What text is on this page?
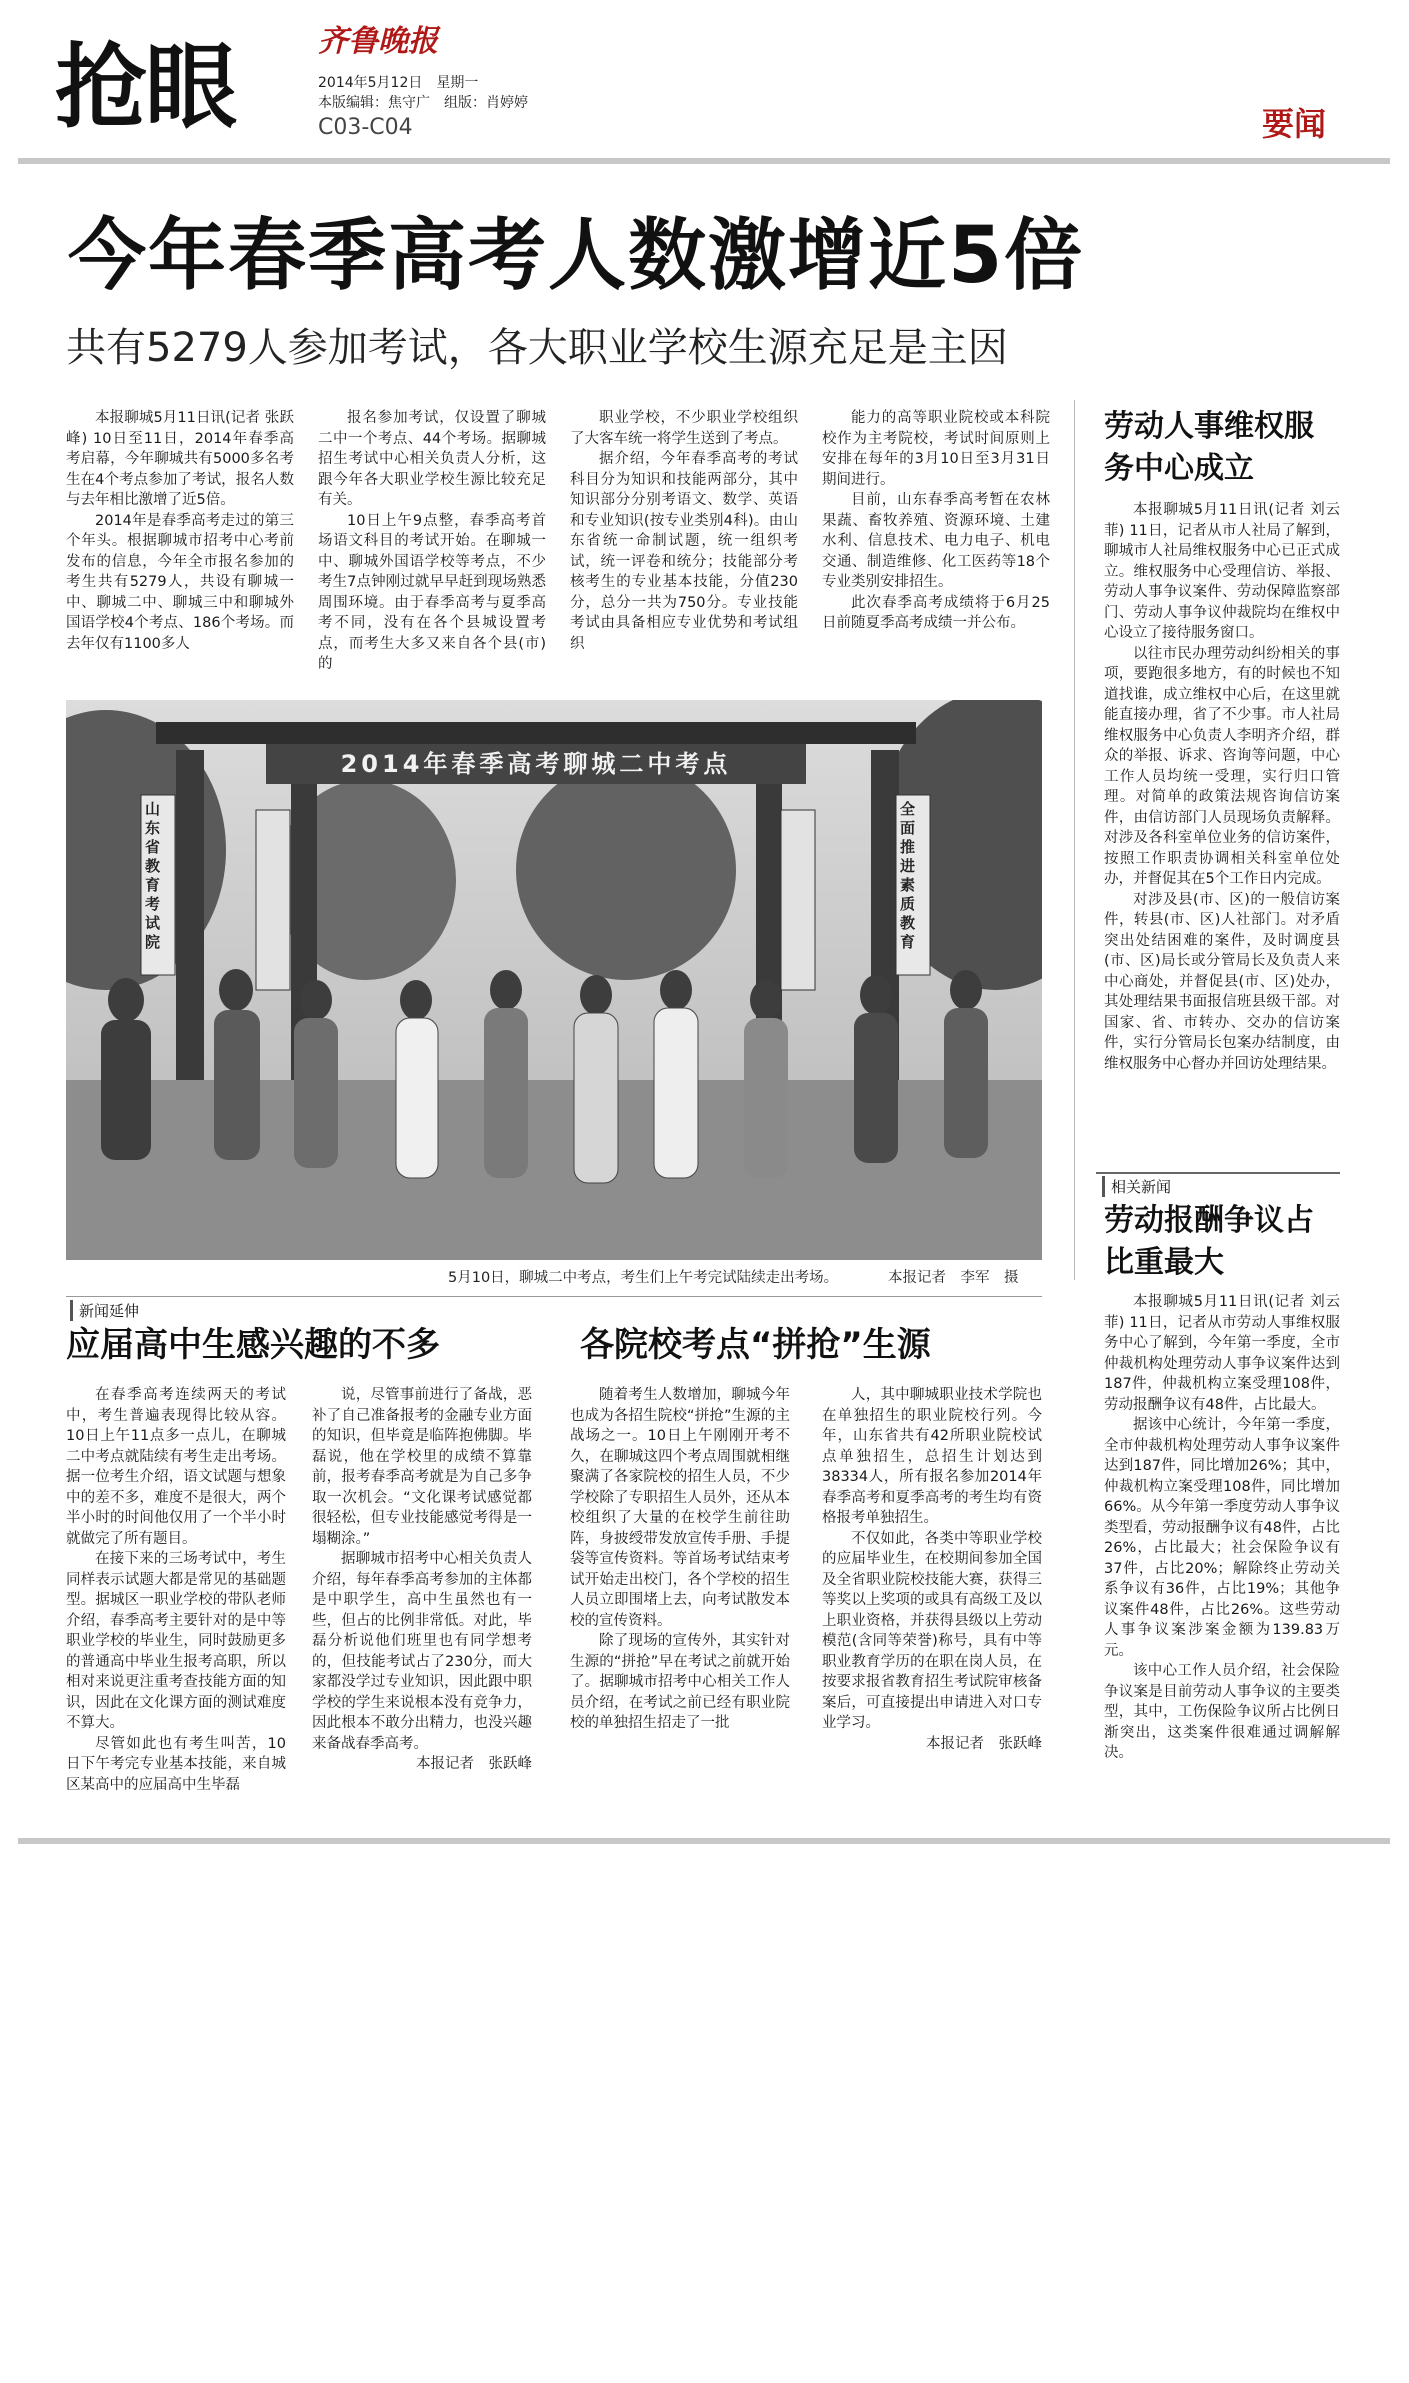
抢眼	齐鲁晚报
2014年5月12日　星期一
本版编辑：焦守广　组版：肖婷婷
C03-C04	要闻
今年春季高考人数激增近5倍
共有5279人参加考试，各大职业学校生源充足是主因

本报聊城5月11日讯(记者 张跃峰) 10日至11日，2014年春季高考启幕，今年聊城共有5000多名考生在4个考点参加了考试，报名人数与去年相比激增了近5倍。

2014年是春季高考走过的第三个年头。根据聊城市招考中心考前发布的信息，今年全市报名参加的考生共有5279人，共设有聊城一中、聊城二中、聊城三中和聊城外国语学校4个考点、186个考场。而去年仅有1100多人

报名参加考试，仅设置了聊城二中一个考点、44个考场。据聊城招生考试中心相关负责人分析，这跟今年各大职业学校生源比较充足有关。

10日上午9点整，春季高考首场语文科目的考试开始。在聊城一中、聊城外国语学校等考点，不少考生7点钟刚过就早早赶到现场熟悉周围环境。由于春季高考与夏季高考不同，没有在各个县城设置考点，而考生大多又来自各个县(市)的

职业学校，不少职业学校组织了大客车统一将学生送到了考点。

据介绍，今年春季高考的考试科目分为知识和技能两部分，其中知识部分分别考语文、数学、英语和专业知识(按专业类别4科)。由山东省统一命制试题，统一组织考试，统一评卷和统分；技能部分考核考生的专业基本技能，分值230分，总分一共为750分。专业技能考试由具备相应专业优势和考试组织

能力的高等职业院校或本科院校作为主考院校，考试时间原则上安排在每年的3月10日至3月31日期间进行。

目前，山东春季高考暂在农林果蔬、畜牧养殖、资源环境、土建水利、信息技术、电力电子、机电交通、制造维修、化工医药等18个专业类别安排招生。

此次春季高考成绩将于6月25日前随夏季高考成绩一并公布。

2014年春季高考聊城二中考点
山东省教育考试院
全面推进素质教育
5月10日，聊城二中考点，考生们上午考完试陆续走出考场。	本报记者　李军　摄
劳动人事维权服务中心成立

本报聊城5月11日讯(记者 刘云菲) 11日，记者从市人社局了解到，聊城市人社局维权服务中心已正式成立。维权服务中心受理信访、举报、劳动人事争议案件、劳动保障监察部门、劳动人事争议仲裁院均在维权中心设立了接待服务窗口。

以往市民办理劳动纠纷相关的事项，要跑很多地方，有的时候也不知道找谁，成立维权中心后，在这里就能直接办理，省了不少事。市人社局维权服务中心负责人李明齐介绍，群众的举报、诉求、咨询等问题，中心工作人员均统一受理，实行归口管理。对简单的政策法规咨询信访案件，由信访部门人员现场负责解释。对涉及各科室单位业务的信访案件，按照工作职责协调相关科室单位处办，并督促其在5个工作日内完成。

对涉及县(市、区)的一般信访案件，转县(市、区)人社部门。对矛盾突出处结困难的案件，及时调度县(市、区)局长或分管局长及负责人来中心商处，并督促县(市、区)处办，其处理结果书面报信班县级干部。对国家、省、市转办、交办的信访案件，实行分管局长包案办结制度，由维权服务中心督办并回访处理结果。

相关新闻
劳动报酬争议占比重最大

本报聊城5月11日讯(记者 刘云菲) 11日，记者从市劳动人事维权服务中心了解到，今年第一季度，全市仲裁机构处理劳动人事争议案件达到187件，仲裁机构立案受理108件，劳动报酬争议有48件，占比最大。

据该中心统计，今年第一季度，全市仲裁机构处理劳动人事争议案件达到187件，同比增加26%；其中，仲裁机构立案受理108件，同比增加66%。从今年第一季度劳动人事争议类型看，劳动报酬争议有48件，占比26%，占比最大；社会保险争议有37件，占比20%；解除终止劳动关系争议有36件，占比19%；其他争议案件48件，占比26%。这些劳动人事争议案涉案金额为139.83万元。

该中心工作人员介绍，社会保险争议案是目前劳动人事争议的主要类型，其中，工伤保险争议所占比例日渐突出，这类案件很难通过调解解决。

新闻延伸
应届高中生感兴趣的不多

在春季高考连续两天的考试中，考生普遍表现得比较从容。10日上午11点多一点儿，在聊城二中考点就陆续有考生走出考场。据一位考生介绍，语文试题与想象中的差不多，难度不是很大，两个半小时的时间他仅用了一个半小时就做完了所有题目。

在接下来的三场考试中，考生同样表示试题大都是常见的基础题型。据城区一职业学校的带队老师介绍，春季高考主要针对的是中等职业学校的毕业生，同时鼓励更多的普通高中毕业生报考高职，所以相对来说更注重考查技能方面的知识，因此在文化课方面的测试难度不算大。

尽管如此也有考生叫苦，10日下午考完专业基本技能，来自城区某高中的应届高中生毕磊

说，尽管事前进行了备战，恶补了自己准备报考的金融专业方面的知识，但毕竟是临阵抱佛脚。毕磊说，他在学校里的成绩不算靠前，报考春季高考就是为自己多争取一次机会。“文化课考试感觉都很轻松，但专业技能感觉考得是一塌糊涂。”

据聊城市招考中心相关负责人介绍，每年春季高考参加的主体都是中职学生，高中生虽然也有一些，但占的比例非常低。对此，毕磊分析说他们班里也有同学想考的，但技能考试占了230分，而大家都没学过专业知识，因此跟中职学校的学生来说根本没有竞争力，因此根本不敢分出精力，也没兴趣来备战春季高考。

本报记者　张跃峰

各院校考点“拼抢”生源

随着考生人数增加，聊城今年也成为各招生院校“拼抢”生源的主战场之一。10日上午刚刚开考不久，在聊城这四个考点周围就相继聚满了各家院校的招生人员，不少学校除了专职招生人员外，还从本校组织了大量的在校学生前往助阵，身披绶带发放宣传手册、手提袋等宣传资料。等首场考试结束考试开始走出校门，各个学校的招生人员立即围堵上去，向考试散发本校的宣传资料。

除了现场的宣传外，其实针对生源的“拼抢”早在考试之前就开始了。据聊城市招考中心相关工作人员介绍，在考试之前已经有职业院校的单独招生招走了一批

人，其中聊城职业技术学院也在单独招生的职业院校行列。今年，山东省共有42所职业院校试点单独招生，总招生计划达到38334人，所有报名参加2014年春季高考和夏季高考的考生均有资格报考单独招生。

不仅如此，各类中等职业学校的应届毕业生，在校期间参加全国及全省职业院校技能大赛，获得三等奖以上奖项的或具有高级工及以上职业资格，并获得县级以上劳动模范(含同等荣誉)称号，具有中等职业教育学历的在职在岗人员，在按要求报省教育招生考试院审核备案后，可直接提出申请进入对口专业学习。

本报记者　张跃峰
